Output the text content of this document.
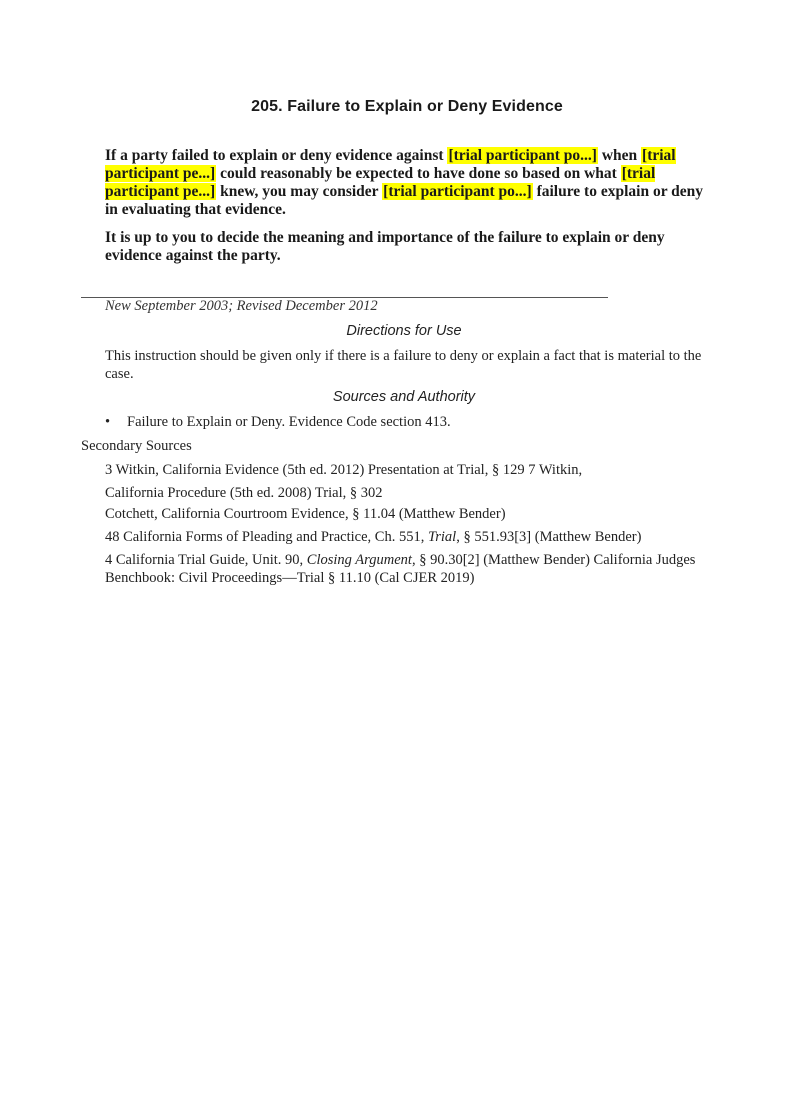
205. Failure to Explain or Deny Evidence
If a party failed to explain or deny evidence against [trial participant po...] when [trial participant pe...] could reasonably be expected to have done so based on what [trial participant pe...] knew, you may consider [trial participant po...] failure to explain or deny in evaluating that evidence.
It is up to you to decide the meaning and importance of the failure to explain or deny evidence against the party.
New September 2003; Revised December 2012
Directions for Use
This instruction should be given only if there is a failure to deny or explain a fact that is material to the case.
Sources and Authority
• Failure to Explain or Deny. Evidence Code section 413.
Secondary Sources
3 Witkin, California Evidence (5th ed. 2012) Presentation at Trial, § 129 7 Witkin,
California Procedure (5th ed. 2008) Trial, § 302
Cotchett, California Courtroom Evidence, § 11.04 (Matthew Bender)
48 California Forms of Pleading and Practice, Ch. 551, Trial, § 551.93[3] (Matthew Bender)
4 California Trial Guide, Unit. 90, Closing Argument, § 90.30[2] (Matthew Bender) California Judges Benchbook: Civil Proceedings—Trial § 11.10 (Cal CJER 2019)
